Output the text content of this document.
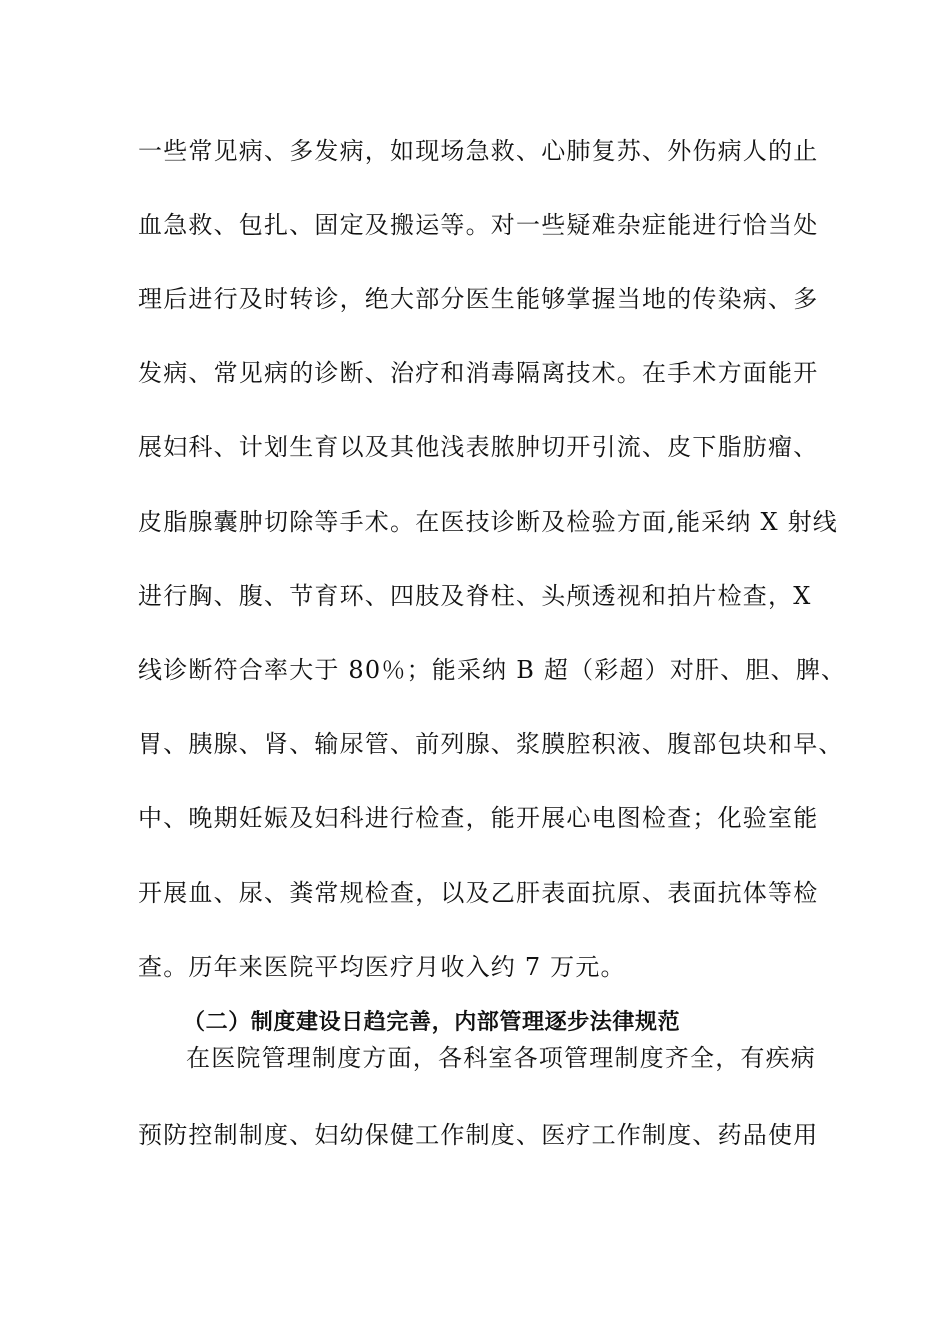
一些常见病、多发病，如现场急救、心肺复苏、外伤病人的止
血急救、包扎、固定及搬运等。对一些疑难杂症能进行恰当处
理后进行及时转诊，绝大部分医生能够掌握当地的传染病、多
发病、常见病的诊断、治疗和消毒隔离技术。在手术方面能开
展妇科、计划生育以及其他浅表脓肿切开引流、皮下脂肪瘤、
皮脂腺囊肿切除等手术。在医技诊断及检验方面,能采纳 X 射线
进行胸、腹、节育环、四肢及脊柱、头颅透视和拍片检查，X
线诊断符合率大于 80％；能采纳 B 超（彩超）对肝、胆、脾、
胃、胰腺、肾、输尿管、前列腺、浆膜腔积液、腹部包块和早、
中、晚期妊娠及妇科进行检查，能开展心电图检查；化验室能
开展血、尿、粪常规检查，以及乙肝表面抗原、表面抗体等检
查。历年来医院平均医疗月收入约 7 万元。
（二）制度建设日趋完善，内部管理逐步法律规范
在医院管理制度方面，各科室各项管理制度齐全，有疾病
预防控制制度、妇幼保健工作制度、医疗工作制度、药品使用
